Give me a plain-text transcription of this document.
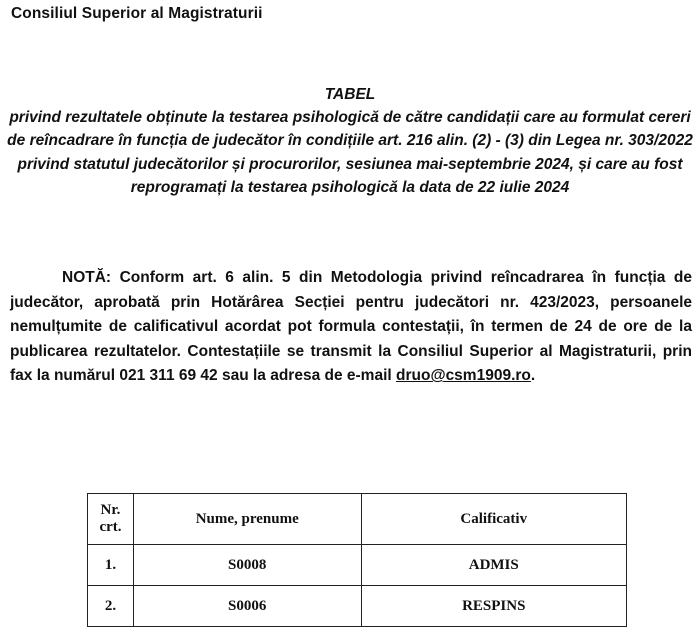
Consiliul Superior al Magistraturii
TABEL
privind rezultatele obținute la testarea psihologică de către candidații care au formulat cereri de reîncadrare în funcția de judecător în condițiile art. 216 alin. (2) - (3) din Legea nr. 303/2022 privind statutul judecătorilor și procurorilor, sesiunea mai-septembrie 2024, și care au fost reprogramați la testarea psihologică la data de 22 iulie 2024
NOTĂ: Conform art. 6 alin. 5 din Metodologia privind reîncadrarea în funcția de judecător, aprobată prin Hotărârea Secției pentru judecători nr. 423/2023, persoanele nemulțumite de calificativul acordat pot formula contestații, în termen de 24 de ore de la publicarea rezultatelor. Contestațiile se transmit la Consiliul Superior al Magistraturii, prin fax la numărul 021 311 69 42 sau la adresa de e-mail druo@csm1909.ro.
Nr.
crt.	Nume, prenume	Calificativ
1.	S0008	ADMIS
2.	S0006	RESPINS
